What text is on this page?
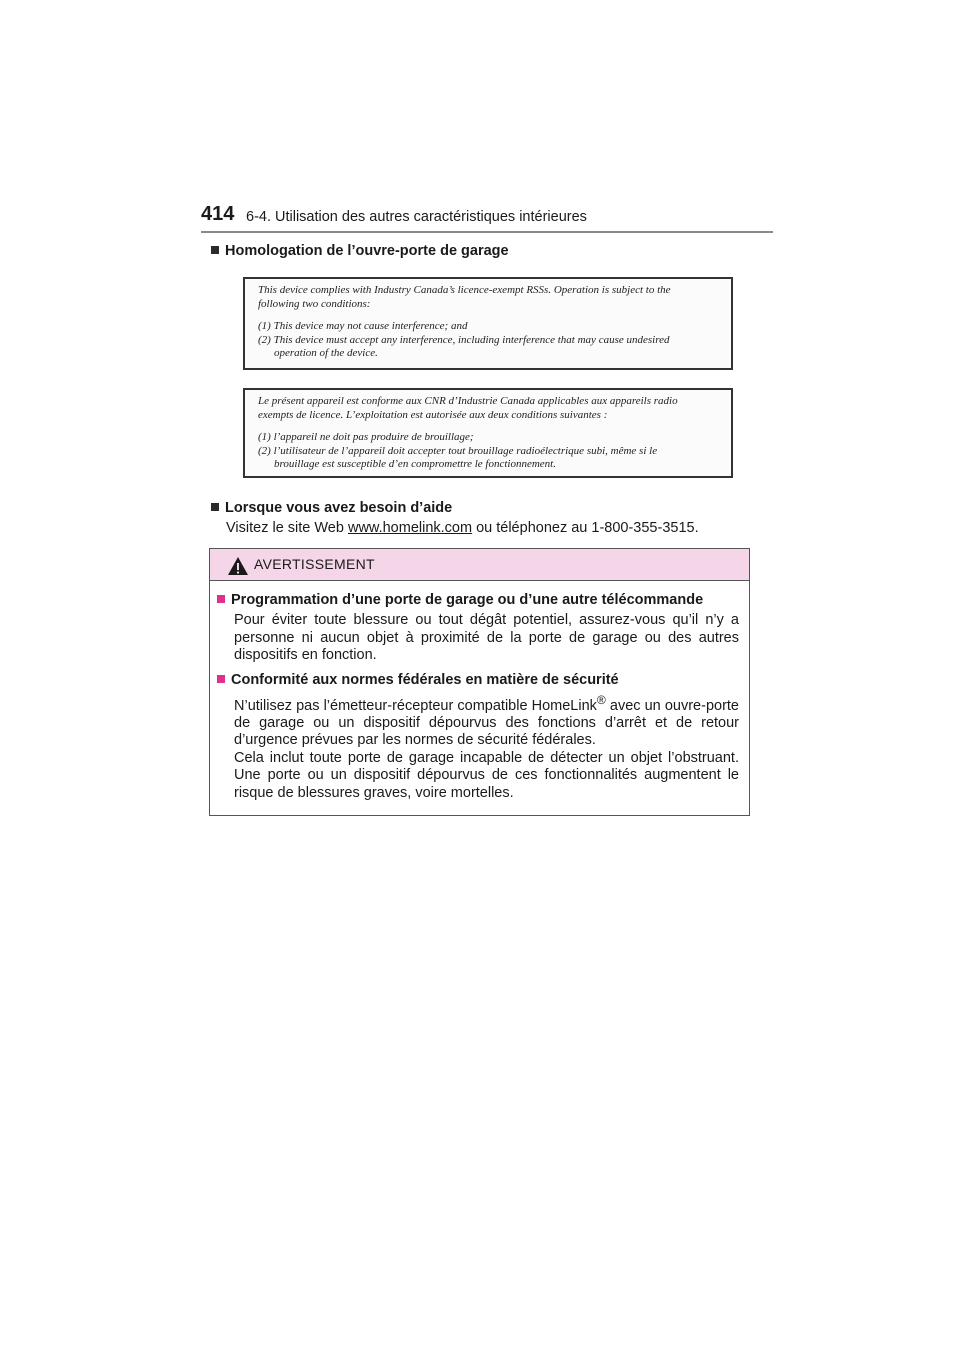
414 6-4. Utilisation des autres caractéristiques intérieures
Homologation de l’ouvre-porte de garage

This device complies with Industry Canada’s licence-exempt RSSs. Operation is subject to the

following two conditions:

(1) This device may not cause interference; and

(2) This device must accept any interference, including interference that may cause undesired

operation of the device.

Le présent appareil est conforme aux CNR d’Industrie Canada applicables aux appareils radio

exempts de licence. L’exploitation est autorisée aux deux conditions suivantes :

(1) l’appareil ne doit pas produire de brouillage;

(2) l’utilisateur de l’appareil doit accepter tout brouillage radioélectrique subi, même si le

brouillage est susceptible d’en compromettre le fonctionnement.

Lorsque vous avez besoin d’aide
Visitez le site Web www.homelink.com ou téléphonez au 1-800-355-3515.
AVERTISSEMENT

Programmation d’une porte de garage ou d’une autre télécommande

Pour éviter toute blessure ou tout dégât potentiel, assurez-vous qu’il n’y a personne ni aucun objet à proximité de la porte de garage ou des autres dispositifs en fonction.

Conformité aux normes fédérales en matière de sécurité

N’utilisez pas l’émetteur-récepteur compatible HomeLink® avec un ouvre-porte de garage ou un dispositif dépourvus des fonctions d’arrêt et de retour d’urgence prévues par les normes de sécurité fédérales.

Cela inclut toute porte de garage incapable de détecter un objet l’obstruant. Une porte ou un dispositif dépourvus de ces fonctionnalités augmentent le risque de blessures graves, voire mortelles.
